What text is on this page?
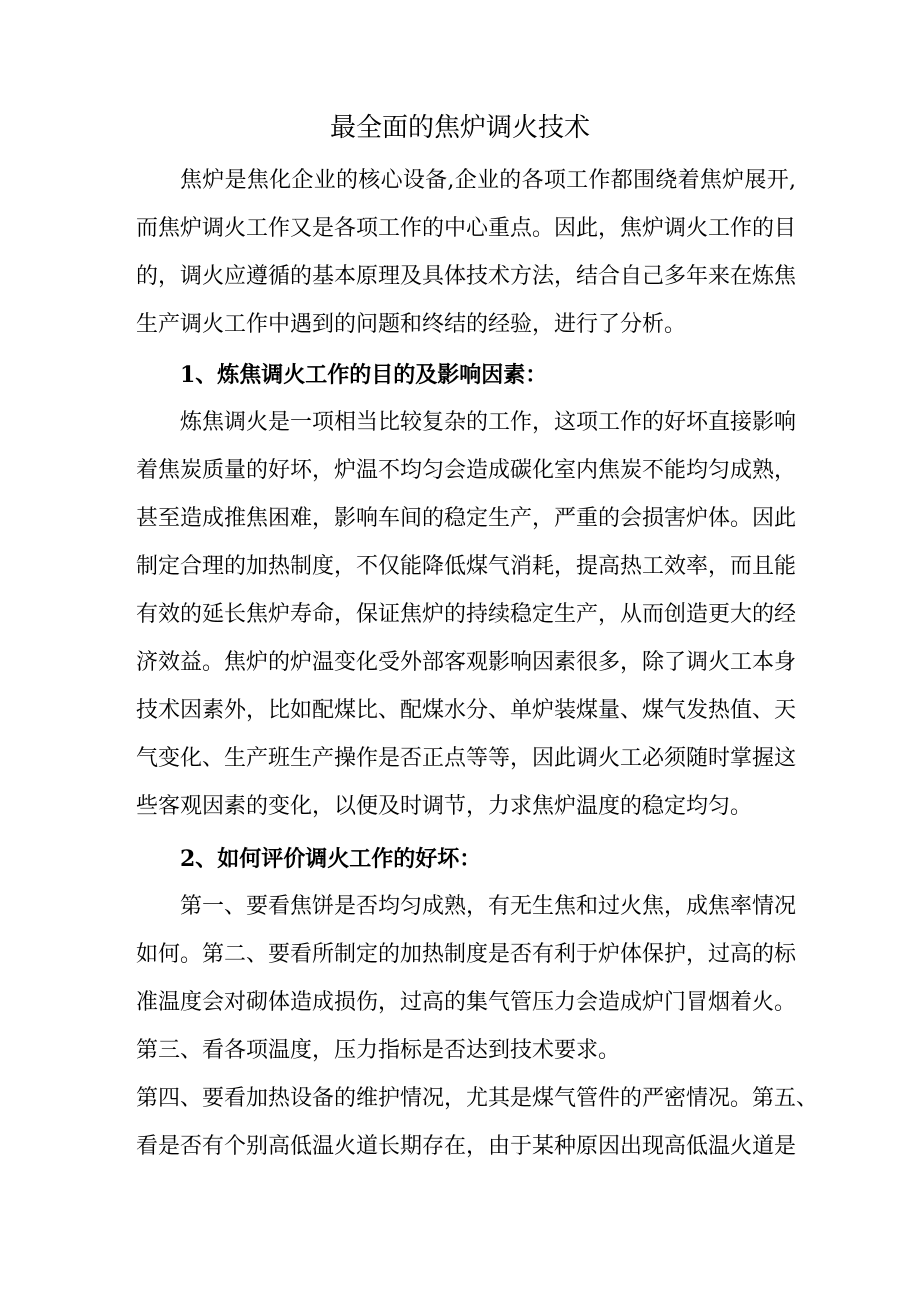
最全面的焦炉调火技术
焦炉是焦化企业的核心设备,企业的各项工作都围绕着焦炉展开,
而焦炉调火工作又是各项工作的中心重点。因此，焦炉调火工作的目
的，调火应遵循的基本原理及具体技术方法，结合自己多年来在炼焦
生产调火工作中遇到的问题和终结的经验，进行了分析。
1、炼焦调火工作的目的及影响因素：
炼焦调火是一项相当比较复杂的工作，这项工作的好坏直接影响
着焦炭质量的好坏，炉温不均匀会造成碳化室内焦炭不能均匀成熟，
甚至造成推焦困难，影响车间的稳定生产，严重的会损害炉体。因此
制定合理的加热制度，不仅能降低煤气消耗，提高热工效率，而且能
有效的延长焦炉寿命，保证焦炉的持续稳定生产，从而创造更大的经
济效益。焦炉的炉温变化受外部客观影响因素很多，除了调火工本身
技术因素外，比如配煤比、配煤水分、单炉装煤量、煤气发热值、天
气变化、生产班生产操作是否正点等等，因此调火工必须随时掌握这
些客观因素的变化，以便及时调节，力求焦炉温度的稳定均匀。
2、如何评价调火工作的好坏：
第一、要看焦饼是否均匀成熟，有无生焦和过火焦，成焦率情况
如何。第二、要看所制定的加热制度是否有利于炉体保护，过高的标
准温度会对砌体造成损伤，过高的集气管压力会造成炉门冒烟着火。
第三、看各项温度，压力指标是否达到技术要求。
第四、要看加热设备的维护情况，尤其是煤气管件的严密情况。第五、
看是否有个别高低温火道长期存在，由于某种原因出现高低温火道是
